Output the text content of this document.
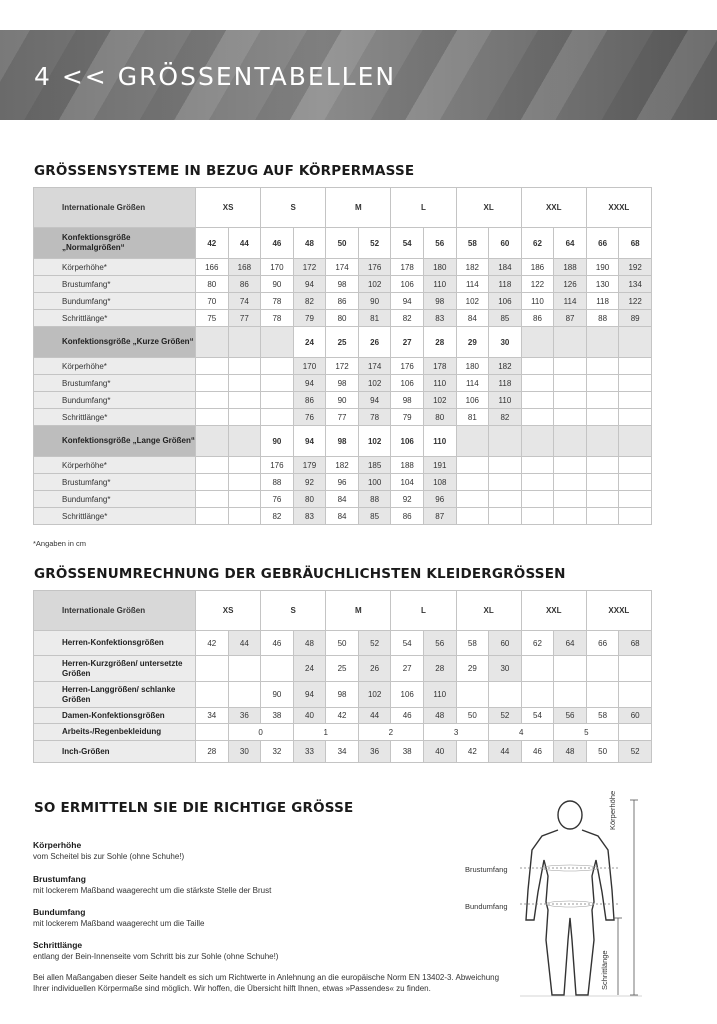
4 << GRÖSSENTABELLEN
GRÖSSENSYSTEME IN BEZUG AUF KÖRPERMASSE
Internationale Größen	XS		S		M		L		XL		XXL		XXXL	
Konfektionsgröße „Normalgrößen“	42	44	46	48	50	52	54	56	58	60	62	64	66	68
Körperhöhe*	166	168	170	172	174	176	178	180	182	184	186	188	190	192
Brustumfang*	80	86	90	94	98	102	106	110	114	118	122	126	130	134
Bundumfang*	70	74	78	82	86	90	94	98	102	106	110	114	118	122
Schrittlänge*	75	77	78	79	80	81	82	83	84	85	86	87	88	89
Konfektionsgröße „Kurze Größen“				24	25	26	27	28	29	30				
Körperhöhe*				170	172	174	176	178	180	182				
Brustumfang*				94	98	102	106	110	114	118				
Bundumfang*				86	90	94	98	102	106	110				
Schrittlänge*				76	77	78	79	80	81	82				
Konfektionsgröße „Lange Größen“			90	94	98	102	106	110						
Körperhöhe*			176	179	182	185	188	191						
Brustumfang*			88	92	96	100	104	108						
Bundumfang*			76	80	84	88	92	96						
Schrittlänge*			82	83	84	85	86	87						
*Angaben in cm
GRÖSSENUMRECHNUNG DER GEBRÄUCHLICHSTEN KLEIDERGRÖSSEN
Internationale Größen	XS		S		M		L		XL		XXL		XXXL	
Herren-Konfektionsgrößen	42	44	46	48	50	52	54	56	58	60	62	64	66	68
Herren-Kurzgrößen/ untersetzte Größen				24	25	26	27	28	29	30				
Herren-Langgrößen/ schlanke Größen			90	94	98	102	106	110						
Damen-Konfektionsgrößen	34	36	38	40	42	44	46	48	50	52	54	56	58	60
Arbeits-/Regenbekleidung		0		1		2		3		4		5		
Inch-Größen	28	30	32	33	34	36	38	40	42	44	46	48	50	52
SO ERMITTELN SIE DIE RICHTIGE GRÖSSE
Körperhöhe
vom Scheitel bis zur Sohle (ohne Schuhe!)
Brustumfang
mit lockerem Maßband waagerecht um die stärkste Stelle der Brust
Bundumfang
mit lockerem Maßband waagerecht um die Taille
Schrittlänge
entlang der Bein-Innenseite vom Schritt bis zur Sohle (ohne Schuhe!)
Bei allen Maßangaben dieser Seite handelt es sich um Richtwerte in Anlehnung an die europäische Norm EN 13402-3. Abweichung Ihrer individuellen Körpermaße sind möglich. Wir hoffen, die Übersicht hilft Ihnen, etwas »Passendes« zu finden.
Brustumfang
Bundumfang
Körperhöhe
Schrittlänge
